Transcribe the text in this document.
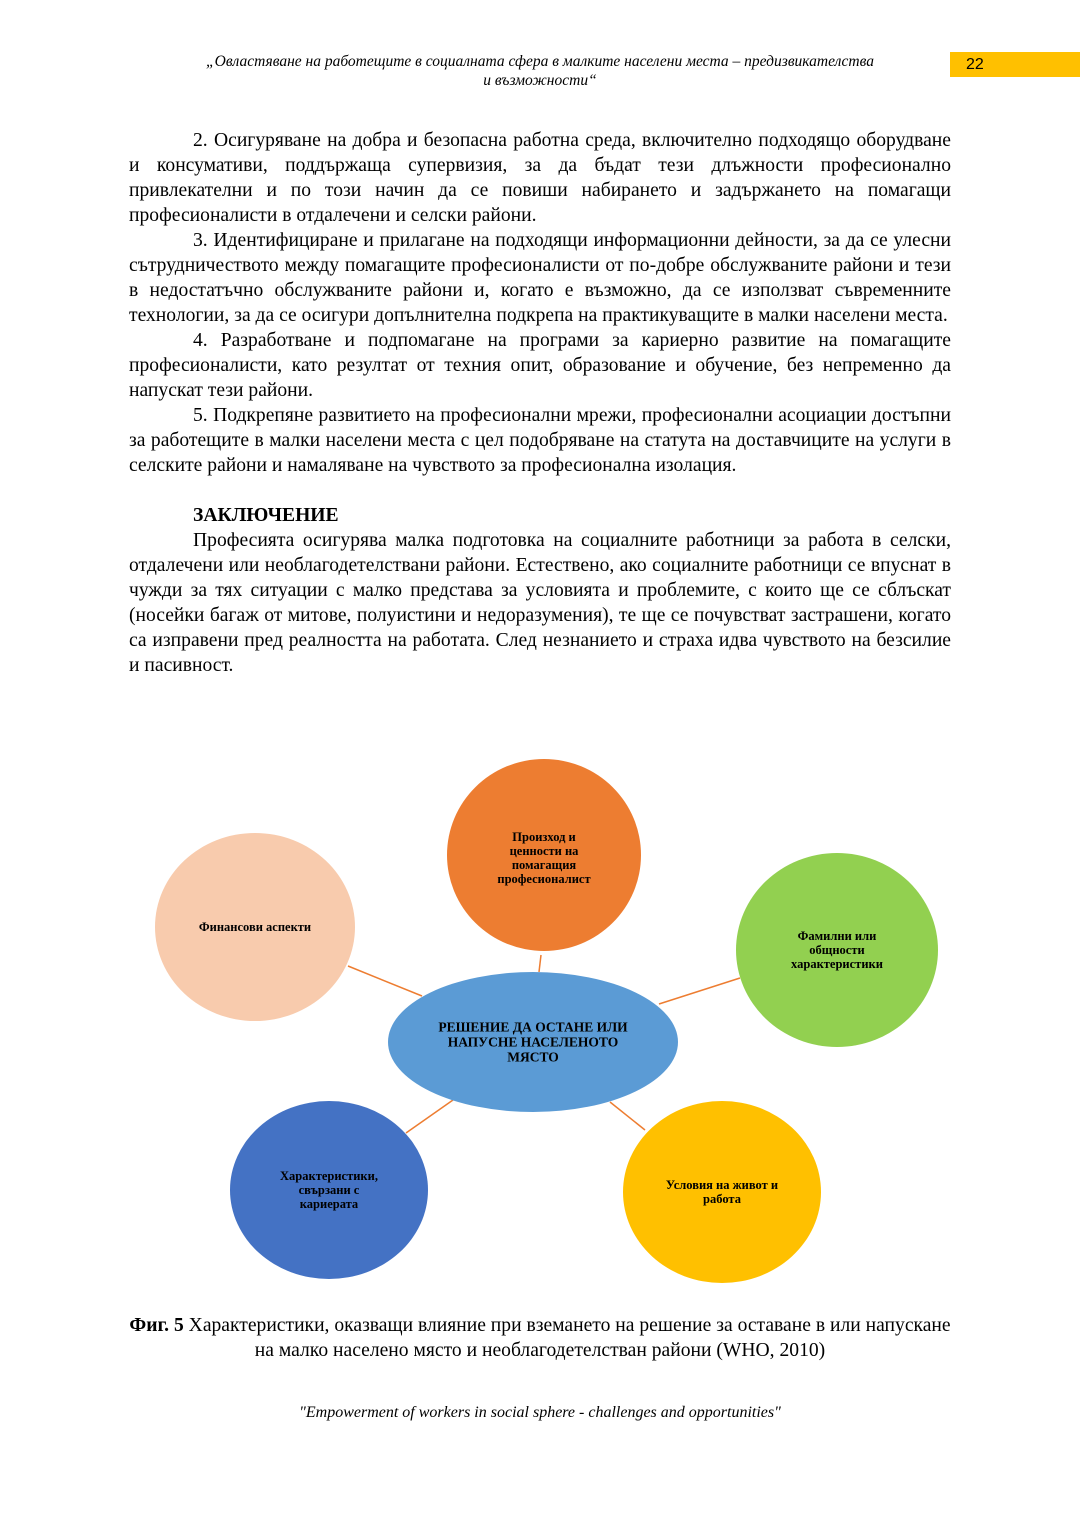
„Овластяване на работещите в социалната сфера в малките населени места – предизвикателства
и възможности“
22

2. Осигуряване на добра и безопасна работна среда, включително подходящо оборудване и консумативи, поддържаща супервизия, за да бъдат тези длъжности професионално привлекателни и по този начин да се повиши набирането и задържането на помагащи професионалисти в отдалечени и селски райони.

3. Идентифициране и прилагане на подходящи информационни дейности, за да се улесни сътрудничеството между помагащите професионалисти от по-добре обслужваните райони и тези в недостатъчно обслужваните райони и, когато е възможно, да се използват съвременните технологии, за да се осигури допълнителна подкрепа на практикуващите в малки населени места.

4. Разработване и подпомагане на програми за кариерно развитие на помагащите професионалисти, като резултат от техния опит, образование и обучение, без непременно да напускат тези райони.

5. Подкрепяне развитието на професионални мрежи, професионални асоциации достъпни за работещите в малки населени места с цел подобряване на статута на доставчиците на услуги в селските райони и намаляване на чувството за професионална изолация.

ЗАКЛЮЧЕНИЕ

Професията осигурява малка подготовка на социалните работници за работа в селски, отдалечени или необлагодетелствани райони. Естествено, ако социалните работници се впуснат в чужди за тях ситуации с малко представа за условията и проблемите, с които ще се сблъскат (носейки багаж от митове, полуистини и недоразумения), те ще се почувстват застрашени, когато са изправени пред реалността на работата. След незнанието и страха идва чувството на безсилие и пасивност.

Финансови аспекти
Произход и ценности на помагащия професионалист
Фамилни или общности характеристики
Характеристики, свързани с кариерата
Условия на живот и работа
РЕШЕНИЕ ДА ОСТАНЕ ИЛИ НАПУСНЕ НАСЕЛЕНОТО МЯСТО
Фиг. 5 Характеристики, оказващи влияние при вземането на решение за оставане в или напускане на малко населено място и необлагодетелстван райони (WHO, 2010)
"Empowerment of workers in social sphere - challenges and opportunities"
